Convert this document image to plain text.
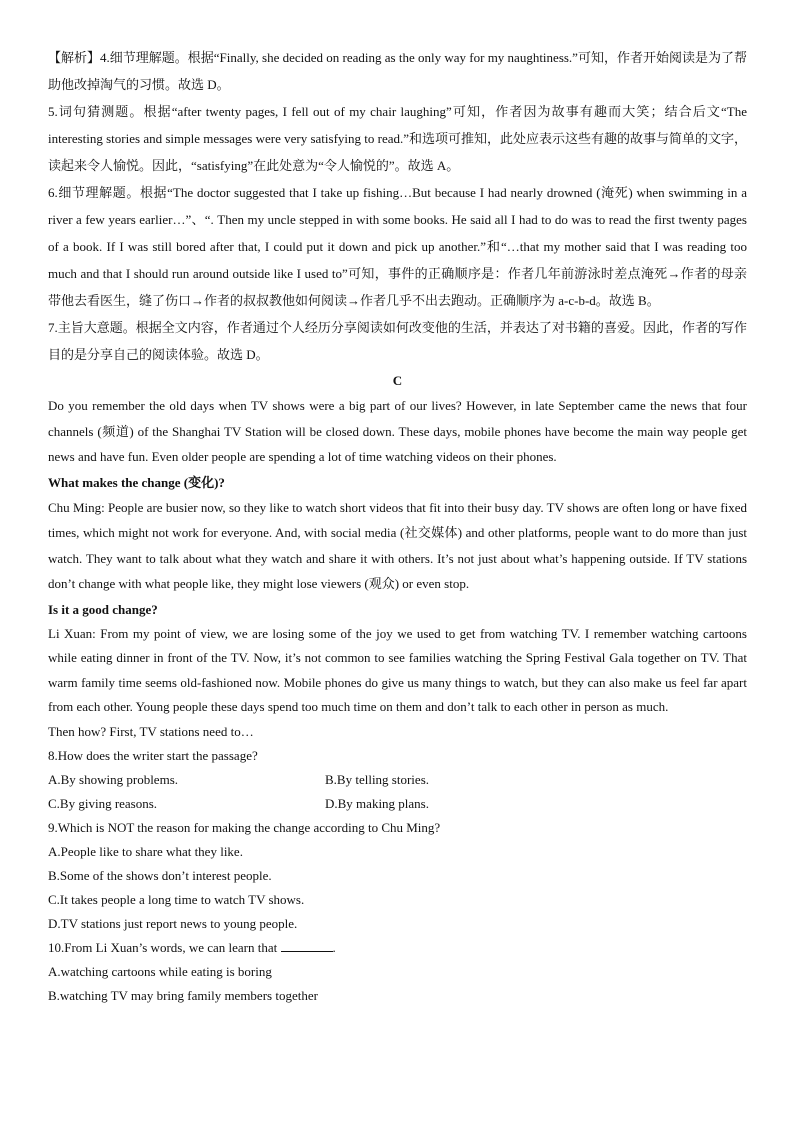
【解析】4.细节理解题。根据“Finally, she decided on reading as the only way for my naughtiness.”可知，作者开始阅读是为了帮助他改掉淘气的习惯。故选 D。

5.词句猜测题。根据“after twenty pages, I fell out of my chair laughing”可知，作者因为故事有趣而大笑；结合后文“The interesting stories and simple messages were very satisfying to read.”和选项可推知，此处应表示这些有趣的故事与简单的文字，读起来令人愉悦。因此，“satisfying”在此处意为“令人愉悦的”。故选 A。

6.细节理解题。根据“The doctor suggested that I take up fishing…But because I had nearly drowned (淹死) when swimming in a river a few years earlier…”、“. Then my uncle stepped in with some books. He said all I had to do was to read the first twenty pages of a book. If I was still bored after that, I could put it down and pick up another.”和“…that my mother said that I was reading too much and that I should run around outside like I used to”可知，事件的正确顺序是：作者几年前游泳时差点淹死→作者的母亲带他去看医生，缝了伤口→作者的叔叔教他如何阅读→作者几乎不出去跑动。正确顺序为 a-c-b-d。故选 B。

7.主旨大意题。根据全文内容，作者通过个人经历分享阅读如何改变他的生活，并表达了对书籍的喜爱。因此，作者的写作目的是分享自己的阅读体验。故选 D。

C

Do you remember the old days when TV shows were a big part of our lives? However, in late September came the news that four channels (频道) of the Shanghai TV Station will be closed down. These days, mobile phones have become the main way people get news and have fun. Even older people are spending a lot of time watching videos on their phones.

What makes the change (变化)?

Chu Ming: People are busier now, so they like to watch short videos that fit into their busy day. TV shows are often long or have fixed times, which might not work for everyone. And, with social media (社交媒体) and other platforms, people want to do more than just watch. They want to talk about what they watch and share it with others. It’s not just about what’s happening outside. If TV stations don’t change with what people like, they might lose viewers (观众) or even stop.

Is it a good change?

Li Xuan: From my point of view, we are losing some of the joy we used to get from watching TV. I remember watching cartoons while eating dinner in front of the TV. Now, it’s not common to see families watching the Spring Festival Gala together on TV. That warm family time seems old-fashioned now. Mobile phones do give us many things to watch, but they can also make us feel far apart from each other. Young people these days spend too much time on them and don’t talk to each other in person as much.

Then how? First, TV stations need to…

8.How does the writer start the passage?

A.By showing problems.	B.By telling stories.
C.By giving reasons.	D.By making plans.

9.Which is NOT the reason for making the change according to Chu Ming?

A.People like to share what they like.

B.Some of the shows don’t interest people.

C.It takes people a long time to watch TV shows.

D.TV stations just report news to young people.

10.From Li Xuan’s words, we can learn that	.

A.watching cartoons while eating is boring

B.watching TV may bring family members together
